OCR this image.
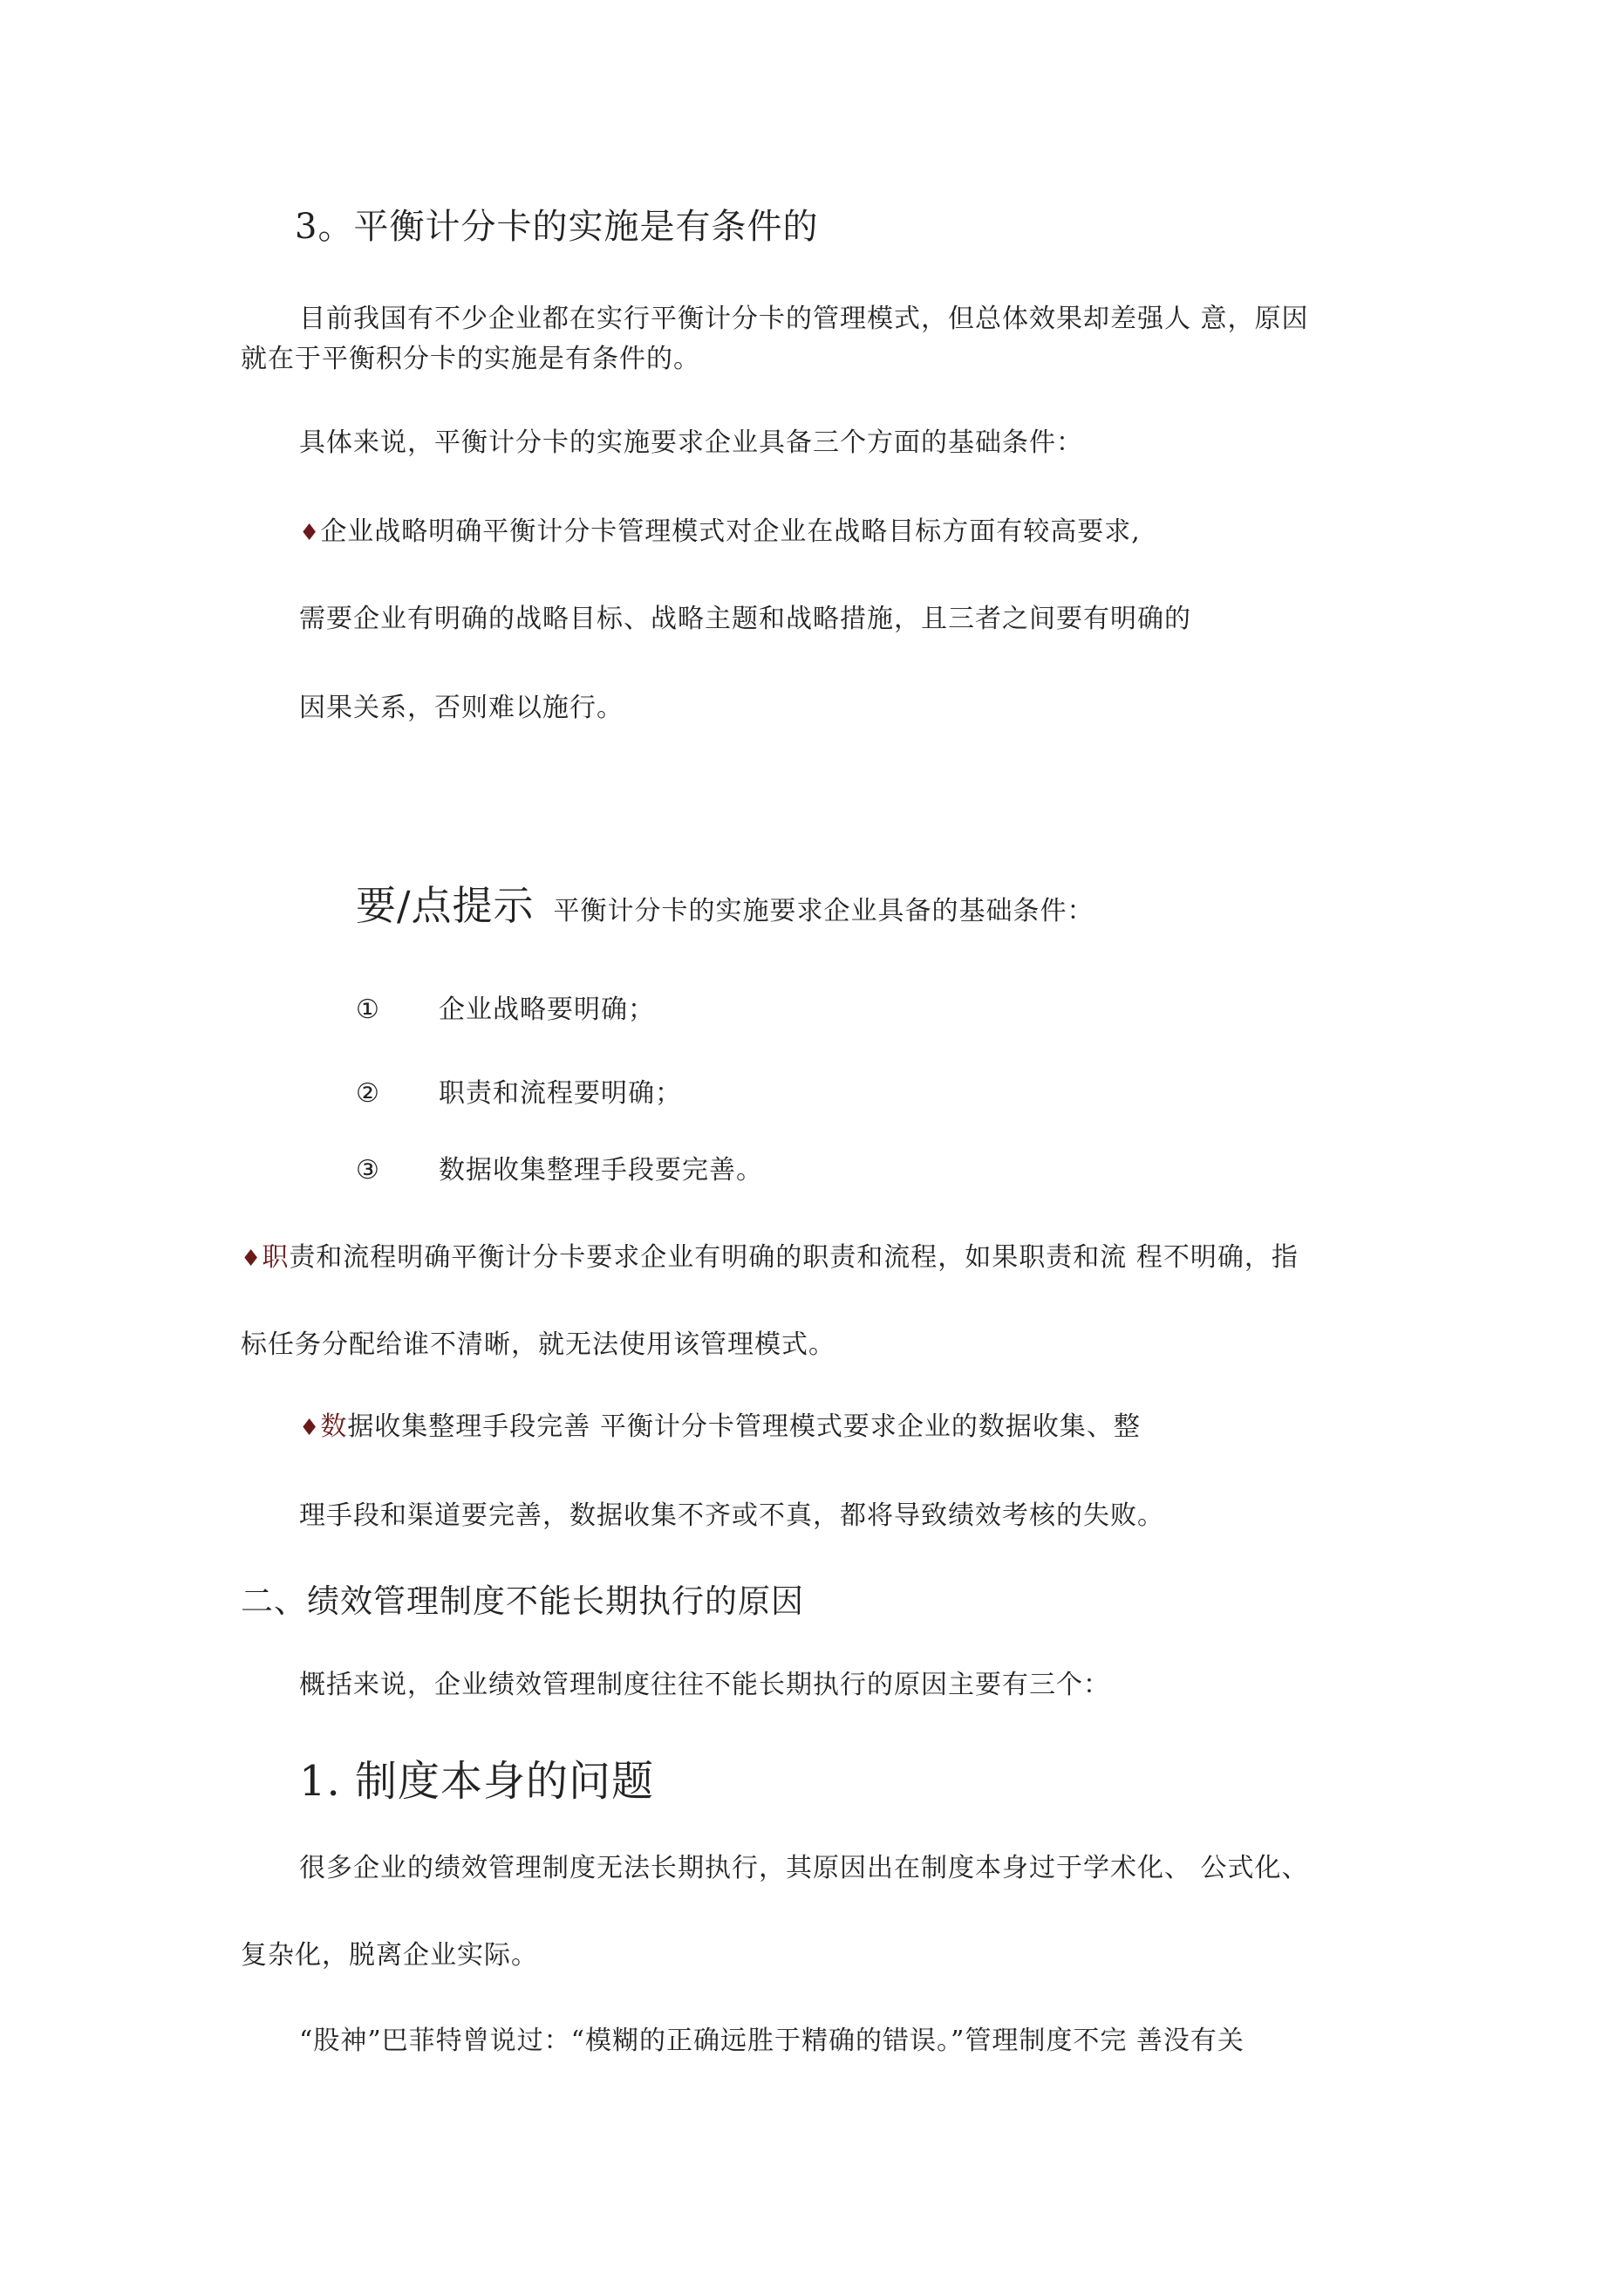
3。平衡计分卡的实施是有条件的
目前我国有不少企业都在实行平衡计分卡的管理模式，但总体效果却差强人 意，原因
就在于平衡积分卡的实施是有条件的。
具体来说，平衡计分卡的实施要求企业具备三个方面的基础条件：
♦企业战略明确平衡计分卡管理模式对企业在战略目标方面有较高要求,
需要企业有明确的战略目标、战略主题和战略措施，且三者之间要有明确的
因果关系，否则难以施行。
要/点提示 平衡计分卡的实施要求企业具备的基础条件：
① 企业战略要明确；
② 职责和流程要明确；
③ 数据收集整理手段要完善。
♦职责和流程明确平衡计分卡要求企业有明确的职责和流程，如果职责和流 程不明确，指
标任务分配给谁不清晰，就无法使用该管理模式。
♦数据收集整理手段完善 平衡计分卡管理模式要求企业的数据收集、整
理手段和渠道要完善，数据收集不齐或不真，都将导致绩效考核的失败。
二、绩效管理制度不能长期执行的原因
概括来说，企业绩效管理制度往往不能长期执行的原因主要有三个：
1. 制度本身的问题
很多企业的绩效管理制度无法长期执行，其原因出在制度本身过于学术化、 公式化、
复杂化，脱离企业实际。
“股神”巴菲特曾说过：“模糊的正确远胜于精确的错误。”管理制度不完 善没有关
